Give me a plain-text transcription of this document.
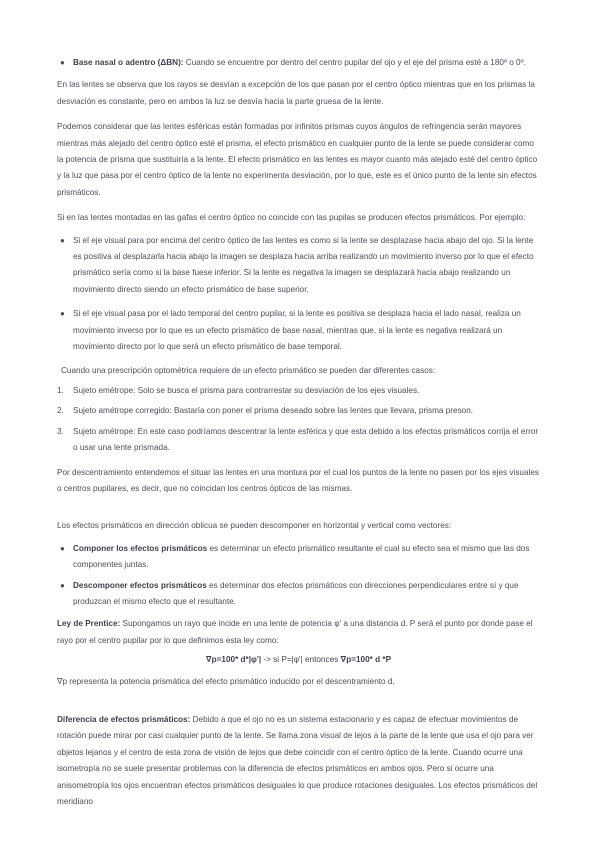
● Base nasal o adentro (ΔBN): Cuando se encuentre por dentro del centro pupilar del ojo y el eje del prisma esté a 180º o 0º.

En las lentes se observa que los rayos se desvían a excepción de los que pasan por el centro óptico mientras que en los prismas la desviación es constante, pero en ambos la luz se desvía hacia la parte gruesa de la lente.

Podemos considerar que las lentes esféricas están formadas por infinitos prismas cuyos ángulos de refringencia serán mayores mientras más alejado del centro óptico esté el prisma, el efecto prismático en cualquier punto de la lente se puede considerar como la potencia de prisma que sustituiría a la lente. El efecto prismático en las lentes es mayor cuanto más alejado esté del centro óptico y la luz que pasa por el centro óptico de la lente no experimenta desviación, por lo que, este es el único punto de la lente sin efectos prismáticos.

Si en las lentes montadas en las gafas el centro óptico no coincide con las pupilas se producen efectos prismáticos. Por ejemplo:

● Si el eje visual para por encima del centro óptico de las lentes es como si la lente se desplazase hacia abajo del ojo. Si la lente es positiva al desplazarla hacia abajo la imagen se desplaza hacia arriba realizando un movimiento inverso por lo que el efecto prismático sería como si la base fuese inferior. Si la lente es negativa la imagen se desplazará hacia abajo realizando un movimiento directo siendo un efecto prismático de base superior.
● Si el eje visual pasa por el lado temporal del centro pupilar, si la lente es positiva se desplaza hacia el lado nasal, realiza un movimiento inverso por lo que es un efecto prismático de base nasal, mientras que, si la lente es negativa realizará un movimiento directo por lo que será un efecto prismático de base temporal.

Cuando una prescripción optométrica requiere de un efecto prismático se pueden dar diferentes casos:

1. Sujeto emétrope: Solo se busca el prisma para contrarrestar su desviación de los ejes visuales.
2. Sujeto amétrope corregido: Bastaría con poner el prisma deseado sobre las lentes que llevara, prisma preson.
3. Sujeto amétrope: En este caso podríamos descentrar la lente esférica y que esta debido a los efectos prismáticos corrija el error o usar una lente prismada.

Por descentramiento entendemos el situar las lentes en una montura por el cual los puntos de la lente no pasen por los ejes visuales o centros pupilares, es decir, que no coincidan los centros ópticos de las mismas.

Los efectos prismáticos en dirección oblicua se pueden descomponer en horizontal y vertical como vectores:

● Componer los efectos prismáticos es determinar un efecto prismático resultante el cual su efecto sea el mismo que las dos componentes juntas.
● Descomponer efectos prismáticos es determinar dos efectos prismáticos con direcciones perpendiculares entre sí y que produzcan el mismo efecto que el resultante.

Ley de Prentice: Supongamos un rayo que incide en una lente de potencia φ' a una distancia d. P será el punto por donde pase el rayo por el centro pupilar por lo que definimos esta ley como:

∇p=100* d*|φ'| -> si P=|φ'| entonces ∇p=100* d *P

∇p representa la potencia prismática del efecto prismático inducido por el descentramiento d.

Diferencia de efectos prismáticos: Debido a que el ojo no es un sistema estacionario y es capaz de efectuar movimientos de rotación puede mirar por casi cualquier punto de la lente. Se llama zona visual de lejos a la parte de la lente que usa el ojo para ver objetos lejanos y el centro de esta zona de visión de lejos que debe coincidir con el centro óptico de la lente. Cuando ocurre una isometropía no se suele presentar problemas con la diferencia de efectos prismáticos en ambos ojos. Pero si ocurre una anisometropía los ojos encuentran efectos prismáticos desiguales lo que produce rotaciones desiguales. Los efectos prismáticos del meridiano
